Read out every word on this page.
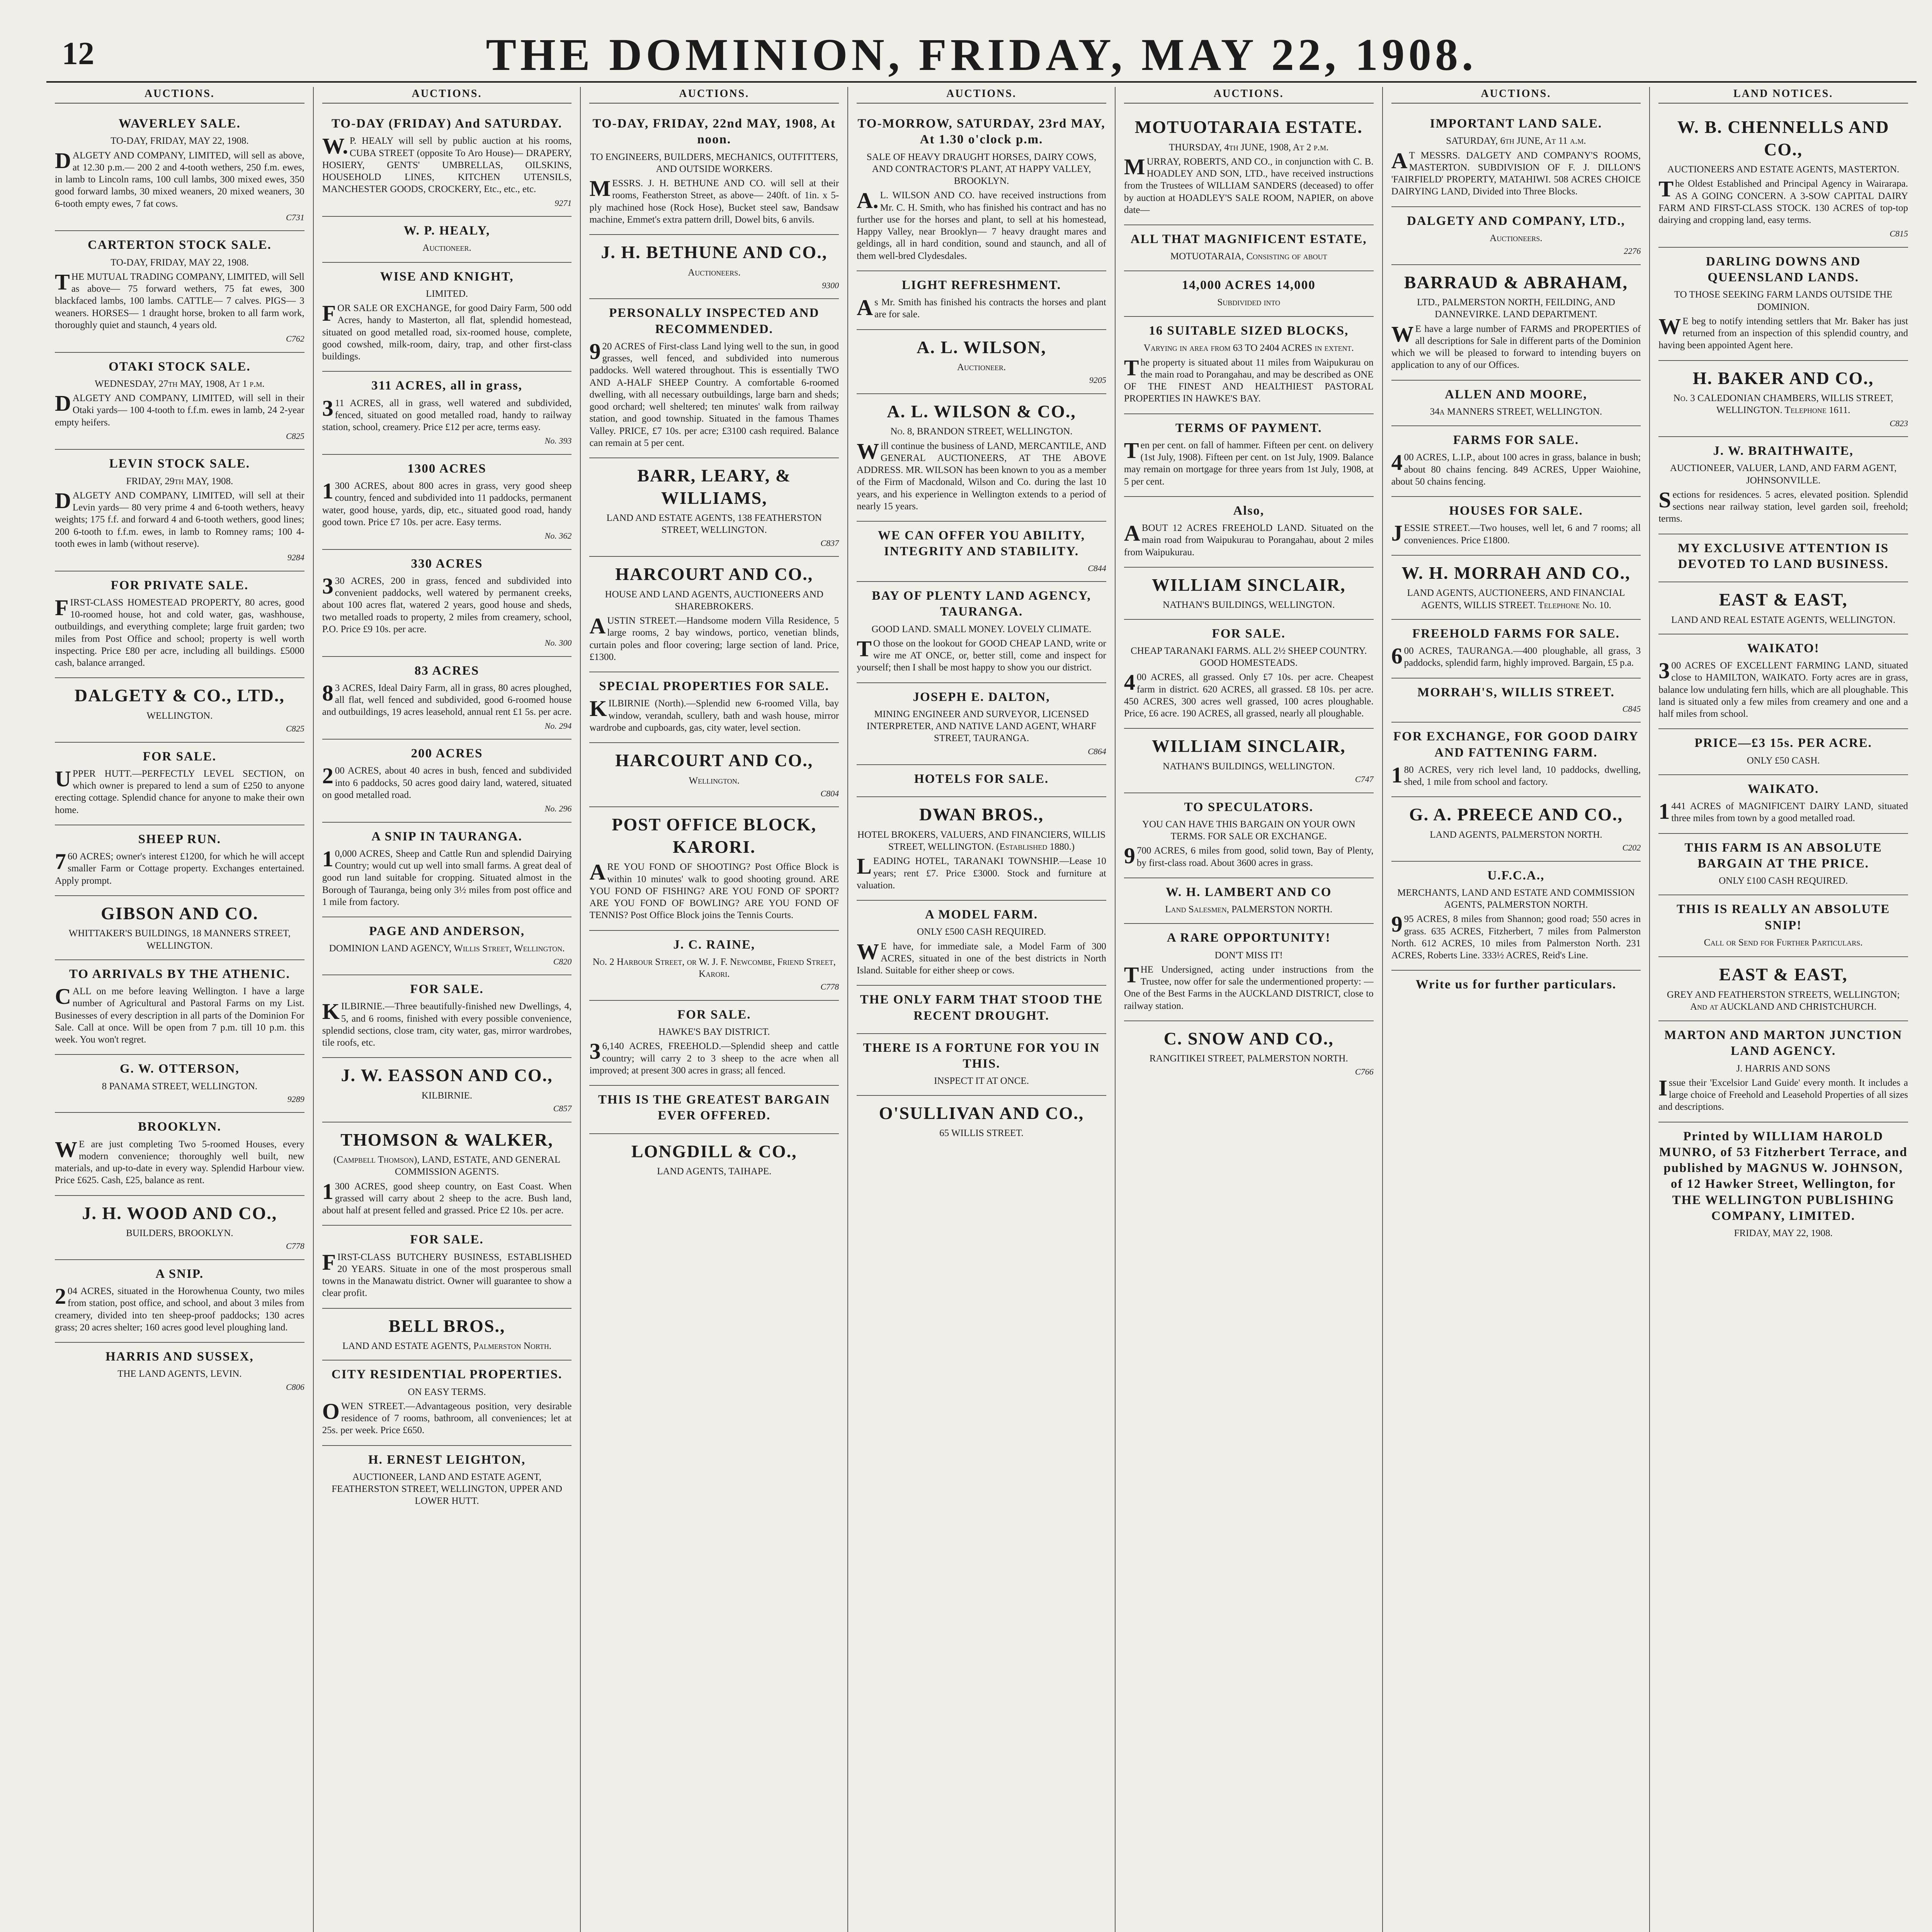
12	THE DOMINION, FRIDAY, MAY 22, 1908.
AUCTIONS.
WAVERLEY SALE.
TO-DAY, FRIDAY, MAY 22, 1908.
DALGETY AND COMPANY, LIMITED, will sell as above, at 12.30 p.m.— 200 2 and 4-tooth wethers, 250 f.m. ewes, in lamb to Lincoln rams, 100 cull lambs, 300 mixed ewes, 350 good forward lambs, 30 mixed weaners, 20 mixed weaners, 30 6-tooth empty ewes, 7 fat cows.
C731
CARTERTON STOCK SALE.
TO-DAY, FRIDAY, MAY 22, 1908.
THE MUTUAL TRADING COMPANY, LIMITED, will Sell as above— 75 forward wethers, 75 fat ewes, 300 blackfaced lambs, 100 lambs. CATTLE— 7 calves. PIGS— 3 weaners. HORSES— 1 draught horse, broken to all farm work, thoroughly quiet and staunch, 4 years old.
C762
OTAKI STOCK SALE.
WEDNESDAY, 27th MAY, 1908, At 1 p.m.
DALGETY AND COMPANY, LIMITED, will sell in their Otaki yards— 100 4-tooth to f.f.m. ewes in lamb, 24 2-year empty heifers.
C825
LEVIN STOCK SALE.
FRIDAY, 29th MAY, 1908.
DALGETY AND COMPANY, LIMITED, will sell at their Levin yards— 80 very prime 4 and 6-tooth wethers, heavy weights; 175 f.f. and forward 4 and 6-tooth wethers, good lines; 200 6-tooth to f.f.m. ewes, in lamb to Romney rams; 100 4-tooth ewes in lamb (without reserve).
9284
FOR PRIVATE SALE.
FIRST-CLASS HOMESTEAD PROPERTY, 80 acres, good 10-roomed house, hot and cold water, gas, washhouse, outbuildings, and everything complete; large fruit garden; two miles from Post Office and school; property is well worth inspecting. Price £80 per acre, including all buildings. £5000 cash, balance arranged.
DALGETY & CO., LTD.,
WELLINGTON.
C825
FOR SALE.
UPPER HUTT.—PERFECTLY LEVEL SECTION, on which owner is prepared to lend a sum of £250 to anyone erecting cottage. Splendid chance for anyone to make their own home.
SHEEP RUN.
760 ACRES; owner's interest £1200, for which he will accept smaller Farm or Cottage property. Exchanges entertained. Apply prompt.
GIBSON AND CO.
WHITTAKER'S BUILDINGS, 18 MANNERS STREET, WELLINGTON.
TO ARRIVALS BY THE ATHENIC.
CALL on me before leaving Wellington. I have a large number of Agricultural and Pastoral Farms on my List. Businesses of every description in all parts of the Dominion For Sale. Call at once. Will be open from 7 p.m. till 10 p.m. this week. You won't regret.
G. W. OTTERSON,
8 PANAMA STREET, WELLINGTON.
9289
BROOKLYN.
WE are just completing Two 5-roomed Houses, every modern convenience; thoroughly well built, new materials, and up-to-date in every way. Splendid Harbour view. Price £625. Cash, £25, balance as rent.
J. H. WOOD AND CO.,
BUILDERS, BROOKLYN.
C778
A SNIP.
204 ACRES, situated in the Horowhenua County, two miles from station, post office, and school, and about 3 miles from creamery, divided into ten sheep-proof paddocks; 130 acres grass; 20 acres shelter; 160 acres good level ploughing land.
HARRIS AND SUSSEX,
THE LAND AGENTS, LEVIN.
C806
AUCTIONS.
TO-DAY (FRIDAY) And SATURDAY.
W.P. HEALY will sell by public auction at his rooms, CUBA STREET (opposite To Aro House)— DRAPERY, HOSIERY, GENTS' UMBRELLAS, OILSKINS, HOUSEHOLD LINES, KITCHEN UTENSILS, MANCHESTER GOODS, CROCKERY, Etc., etc., etc.
9271
W. P. HEALY,
Auctioneer.
WISE AND KNIGHT,
LIMITED.
FOR SALE OR EXCHANGE, for good Dairy Farm, 500 odd Acres, handy to Masterton, all flat, splendid homestead, situated on good metalled road, six-roomed house, complete, good cowshed, milk-room, dairy, trap, and other first-class buildings.
311 ACRES, all in grass,
311 ACRES, all in grass, well watered and subdivided, fenced, situated on good metalled road, handy to railway station, school, creamery. Price £12 per acre, terms easy.
No. 393
1300 ACRES
1300 ACRES, about 800 acres in grass, very good sheep country, fenced and subdivided into 11 paddocks, permanent water, good house, yards, dip, etc., situated good road, handy good town. Price £7 10s. per acre. Easy terms.
No. 362
330 ACRES
330 ACRES, 200 in grass, fenced and subdivided into convenient paddocks, well watered by permanent creeks, about 100 acres flat, watered 2 years, good house and sheds, two metalled roads to property, 2 miles from creamery, school, P.O. Price £9 10s. per acre.
No. 300
83 ACRES
83 ACRES, Ideal Dairy Farm, all in grass, 80 acres ploughed, all flat, well fenced and subdivided, good 6-roomed house and outbuildings, 19 acres leasehold, annual rent £1 5s. per acre.
No. 294
200 ACRES
200 ACRES, about 40 acres in bush, fenced and subdivided into 6 paddocks, 50 acres good dairy land, watered, situated on good metalled road.
No. 296
A SNIP IN TAURANGA.
10,000 ACRES, Sheep and Cattle Run and splendid Dairying Country; would cut up well into small farms. A great deal of good run land suitable for cropping. Situated almost in the Borough of Tauranga, being only 3½ miles from post office and 1 mile from factory.
PAGE AND ANDERSON,
DOMINION LAND AGENCY, Willis Street, Wellington.
C820
FOR SALE.
KILBIRNIE.—Three beautifully-finished new Dwellings, 4, 5, and 6 rooms, finished with every possible convenience, splendid sections, close tram, city water, gas, mirror wardrobes, tile roofs, etc.
J. W. EASSON AND CO.,
KILBIRNIE.
C857
THOMSON & WALKER,
(Campbell Thomson), LAND, ESTATE, AND GENERAL COMMISSION AGENTS.
1300 ACRES, good sheep country, on East Coast. When grassed will carry about 2 sheep to the acre. Bush land, about half at present felled and grassed. Price £2 10s. per acre.
FOR SALE.
FIRST-CLASS BUTCHERY BUSINESS, ESTABLISHED 20 YEARS. Situate in one of the most prosperous small towns in the Manawatu district. Owner will guarantee to show a clear profit.
BELL BROS.,
LAND AND ESTATE AGENTS, Palmerston North.
CITY RESIDENTIAL PROPERTIES.
ON EASY TERMS.
OWEN STREET.—Advantageous position, very desirable residence of 7 rooms, bathroom, all conveniences; let at 25s. per week. Price £650.
H. ERNEST LEIGHTON,
AUCTIONEER, LAND AND ESTATE AGENT, FEATHERSTON STREET, WELLINGTON, UPPER AND LOWER HUTT.
AUCTIONS.
TO-DAY, FRIDAY, 22nd MAY, 1908, At noon.
TO ENGINEERS, BUILDERS, MECHANICS, OUTFITTERS, AND OUTSIDE WORKERS.
MESSRS. J. H. BETHUNE AND CO. will sell at their rooms, Featherston Street, as above— 240ft. of 1in. x 5-ply machined hose (Rock Hose), Bucket steel saw, Bandsaw machine, Emmet's extra pattern drill, Dowel bits, 6 anvils.
J. H. BETHUNE AND CO.,
Auctioneers.
9300
PERSONALLY INSPECTED AND RECOMMENDED.
920 ACRES of First-class Land lying well to the sun, in good grasses, well fenced, and subdivided into numerous paddocks. Well watered throughout. This is essentially TWO AND A-HALF SHEEP Country. A comfortable 6-roomed dwelling, with all necessary outbuildings, large barn and sheds; good orchard; well sheltered; ten minutes' walk from railway station, and good township. Situated in the famous Thames Valley. PRICE, £7 10s. per acre; £3100 cash required. Balance can remain at 5 per cent.
BARR, LEARY, & WILLIAMS,
LAND AND ESTATE AGENTS, 138 FEATHERSTON STREET, WELLINGTON.
C837
HARCOURT AND CO.,
HOUSE AND LAND AGENTS, AUCTIONEERS AND SHAREBROKERS.
AUSTIN STREET.—Handsome modern Villa Residence, 5 large rooms, 2 bay windows, portico, venetian blinds, curtain poles and floor covering; large section of land. Price, £1300.
SPECIAL PROPERTIES FOR SALE.
KILBIRNIE (North).—Splendid new 6-roomed Villa, bay window, verandah, scullery, bath and wash house, mirror wardrobe and cupboards, gas, city water, level section.
HARCOURT AND CO.,
Wellington.
C804
POST OFFICE BLOCK, KARORI.
ARE YOU FOND OF SHOOTING? Post Office Block is within 10 minutes' walk to good shooting ground. ARE YOU FOND OF FISHING? ARE YOU FOND OF SPORT? ARE YOU FOND OF BOWLING? ARE YOU FOND OF TENNIS? Post Office Block joins the Tennis Courts.
J. C. RAINE,
No. 2 Harbour Street, or W. J. F. Newcombe, Friend Street, Karori.
C778
FOR SALE.
HAWKE'S BAY DISTRICT.
36,140 ACRES, FREEHOLD.—Splendid sheep and cattle country; will carry 2 to 3 sheep to the acre when all improved; at present 300 acres in grass; all fenced.
THIS IS THE GREATEST BARGAIN EVER OFFERED.
LONGDILL & CO.,
LAND AGENTS, TAIHAPE.
AUCTIONS.
TO-MORROW, SATURDAY, 23rd MAY, At 1.30 o'clock p.m.
SALE OF HEAVY DRAUGHT HORSES, DAIRY COWS, AND CONTRACTOR'S PLANT, AT HAPPY VALLEY, BROOKLYN.
A.L. WILSON AND CO. have received instructions from Mr. C. H. Smith, who has finished his contract and has no further use for the horses and plant, to sell at his homestead, Happy Valley, near Brooklyn— 7 heavy draught mares and geldings, all in hard condition, sound and staunch, and all of them well-bred Clydesdales.
LIGHT REFRESHMENT.
As Mr. Smith has finished his contracts the horses and plant are for sale.
A. L. WILSON,
Auctioneer.
9205
A. L. WILSON & CO.,
No. 8, BRANDON STREET, WELLINGTON.
Will continue the business of LAND, MERCANTILE, AND GENERAL AUCTIONEERS, AT THE ABOVE ADDRESS. MR. WILSON has been known to you as a member of the Firm of Macdonald, Wilson and Co. during the last 10 years, and his experience in Wellington extends to a period of nearly 15 years.
WE CAN OFFER YOU ABILITY, INTEGRITY AND STABILITY.
C844
BAY OF PLENTY LAND AGENCY, TAURANGA.
GOOD LAND. SMALL MONEY. LOVELY CLIMATE.
TO those on the lookout for GOOD CHEAP LAND, write or wire me AT ONCE, or, better still, come and inspect for yourself; then I shall be most happy to show you our district.
JOSEPH E. DALTON,
MINING ENGINEER AND SURVEYOR, LICENSED INTERPRETER, AND NATIVE LAND AGENT, WHARF STREET, TAURANGA.
C864
HOTELS FOR SALE.
DWAN BROS.,
HOTEL BROKERS, VALUERS, AND FINANCIERS, WILLIS STREET, WELLINGTON. (Established 1880.)
LEADING HOTEL, TARANAKI TOWNSHIP.—Lease 10 years; rent £7. Price £3000. Stock and furniture at valuation.
A MODEL FARM.
ONLY £500 CASH REQUIRED.
WE have, for immediate sale, a Model Farm of 300 ACRES, situated in one of the best districts in North Island. Suitable for either sheep or cows.
THE ONLY FARM THAT STOOD THE RECENT DROUGHT.
THERE IS A FORTUNE FOR YOU IN THIS.
INSPECT IT AT ONCE.
O'SULLIVAN AND CO.,
65 WILLIS STREET.
AUCTIONS.
MOTUOTARAIA ESTATE.
THURSDAY, 4th JUNE, 1908, At 2 p.m.
MURRAY, ROBERTS, AND CO., in conjunction with C. B. HOADLEY AND SON, LTD., have received instructions from the Trustees of WILLIAM SANDERS (deceased) to offer by auction at HOADLEY'S SALE ROOM, NAPIER, on above date—
ALL THAT MAGNIFICENT ESTATE,
MOTUOTARAIA, Consisting of about
14,000 ACRES 14,000
Subdivided into
16 SUITABLE SIZED BLOCKS,
Varying in area from 63 TO 2404 ACRES in extent.
The property is situated about 11 miles from Waipukurau on the main road to Porangahau, and may be described as ONE OF THE FINEST AND HEALTHIEST PASTORAL PROPERTIES IN HAWKE'S BAY.
TERMS OF PAYMENT.
Ten per cent. on fall of hammer. Fifteen per cent. on delivery (1st July, 1908). Fifteen per cent. on 1st July, 1909. Balance may remain on mortgage for three years from 1st July, 1908, at 5 per cent.
Also,
ABOUT 12 ACRES FREEHOLD LAND. Situated on the main road from Waipukurau to Porangahau, about 2 miles from Waipukurau.
WILLIAM SINCLAIR,
NATHAN'S BUILDINGS, WELLINGTON.
FOR SALE.
CHEAP TARANAKI FARMS. ALL 2½ SHEEP COUNTRY. GOOD HOMESTEADS.
400 ACRES, all grassed. Only £7 10s. per acre. Cheapest farm in district. 620 ACRES, all grassed. £8 10s. per acre. 450 ACRES, 300 acres well grassed, 100 acres ploughable. Price, £6 acre. 190 ACRES, all grassed, nearly all ploughable.
WILLIAM SINCLAIR,
NATHAN'S BUILDINGS, WELLINGTON.
C747
TO SPECULATORS.
YOU CAN HAVE THIS BARGAIN ON YOUR OWN TERMS. FOR SALE OR EXCHANGE.
9700 ACRES, 6 miles from good, solid town, Bay of Plenty, by first-class road. About 3600 acres in grass.
W. H. LAMBERT AND CO
Land Salesmen, PALMERSTON NORTH.
A RARE OPPORTUNITY!
DON'T MISS IT!
THE Undersigned, acting under instructions from the Trustee, now offer for sale the undermentioned property: — One of the Best Farms in the AUCKLAND DISTRICT, close to railway station.
C. SNOW AND CO.,
RANGITIKEI STREET, PALMERSTON NORTH.
C766
AUCTIONS.
IMPORTANT LAND SALE.
SATURDAY, 6th JUNE, At 11 a.m.
AT MESSRS. DALGETY AND COMPANY'S ROOMS, MASTERTON. SUBDIVISION OF F. J. DILLON'S 'FAIRFIELD' PROPERTY, MATAHIWI. 508 ACRES CHOICE DAIRYING LAND, Divided into Three Blocks.
DALGETY AND COMPANY, LTD.,
Auctioneers.
2276
BARRAUD & ABRAHAM,
LTD., PALMERSTON NORTH, FEILDING, AND DANNEVIRKE. LAND DEPARTMENT.
WE have a large number of FARMS and PROPERTIES of all descriptions for Sale in different parts of the Dominion which we will be pleased to forward to intending buyers on application to any of our Offices.
ALLEN AND MOORE,
34a MANNERS STREET, WELLINGTON.
FARMS FOR SALE.
400 ACRES, L.I.P., about 100 acres in grass, balance in bush; about 80 chains fencing. 849 ACRES, Upper Waiohine, about 50 chains fencing.
HOUSES FOR SALE.
JESSIE STREET.—Two houses, well let, 6 and 7 rooms; all conveniences. Price £1800.
W. H. MORRAH AND CO.,
LAND AGENTS, AUCTIONEERS, AND FINANCIAL AGENTS, WILLIS STREET. Telephone No. 10.
FREEHOLD FARMS FOR SALE.
600 ACRES, TAURANGA.—400 ploughable, all grass, 3 paddocks, splendid farm, highly improved. Bargain, £5 p.a.
MORRAH'S, WILLIS STREET.
C845
FOR EXCHANGE, FOR GOOD DAIRY AND FATTENING FARM.
180 ACRES, very rich level land, 10 paddocks, dwelling, shed, 1 mile from school and factory.
G. A. PREECE AND CO.,
LAND AGENTS, PALMERSTON NORTH.
C202
U.F.C.A.,
MERCHANTS, LAND AND ESTATE AND COMMISSION AGENTS, PALMERSTON NORTH.
995 ACRES, 8 miles from Shannon; good road; 550 acres in grass. 635 ACRES, Fitzherbert, 7 miles from Palmerston North. 612 ACRES, 10 miles from Palmerston North. 231 ACRES, Roberts Line. 333½ ACRES, Reid's Line.
Write us for further particulars.
LAND NOTICES.
W. B. CHENNELLS AND CO.,
AUCTIONEERS AND ESTATE AGENTS, MASTERTON.
The Oldest Established and Principal Agency in Wairarapa. AS A GOING CONCERN. A 3-SOW CAPITAL DAIRY FARM AND FIRST-CLASS STOCK. 130 ACRES of top-top dairying and cropping land, easy terms.
C815
DARLING DOWNS AND QUEENSLAND LANDS.
TO THOSE SEEKING FARM LANDS OUTSIDE THE DOMINION.
WE beg to notify intending settlers that Mr. Baker has just returned from an inspection of this splendid country, and having been appointed Agent here.
H. BAKER AND CO.,
No. 3 CALEDONIAN CHAMBERS, WILLIS STREET, WELLINGTON. Telephone 1611.
C823
J. W. BRAITHWAITE,
AUCTIONEER, VALUER, LAND, AND FARM AGENT, JOHNSONVILLE.
Sections for residences. 5 acres, elevated position. Splendid sections near railway station, level garden soil, freehold; terms.
MY EXCLUSIVE ATTENTION IS DEVOTED TO LAND BUSINESS.
EAST & EAST,
LAND AND REAL ESTATE AGENTS, WELLINGTON.
WAIKATO!
300 ACRES OF EXCELLENT FARMING LAND, situated close to HAMILTON, WAIKATO. Forty acres are in grass, balance low undulating fern hills, which are all ploughable. This land is situated only a few miles from creamery and one and a half miles from school.
PRICE—£3 15s. PER ACRE.
ONLY £50 CASH.
WAIKATO.
1441 ACRES of MAGNIFICENT DAIRY LAND, situated three miles from town by a good metalled road.
THIS FARM IS AN ABSOLUTE BARGAIN AT THE PRICE.
ONLY £100 CASH REQUIRED.
THIS IS REALLY AN ABSOLUTE SNIP!
Call or Send for Further Particulars.
EAST & EAST,
GREY AND FEATHERSTON STREETS, WELLINGTON; And at AUCKLAND AND CHRISTCHURCH.
MARTON AND MARTON JUNCTION LAND AGENCY.
J. HARRIS AND SONS
Issue their 'Excelsior Land Guide' every month. It includes a large choice of Freehold and Leasehold Properties of all sizes and descriptions.
Printed by WILLIAM HAROLD MUNRO, of 53 Fitzherbert Terrace, and published by MAGNUS W. JOHNSON, of 12 Hawker Street, Wellington, for THE WELLINGTON PUBLISHING COMPANY, LIMITED.
FRIDAY, MAY 22, 1908.
